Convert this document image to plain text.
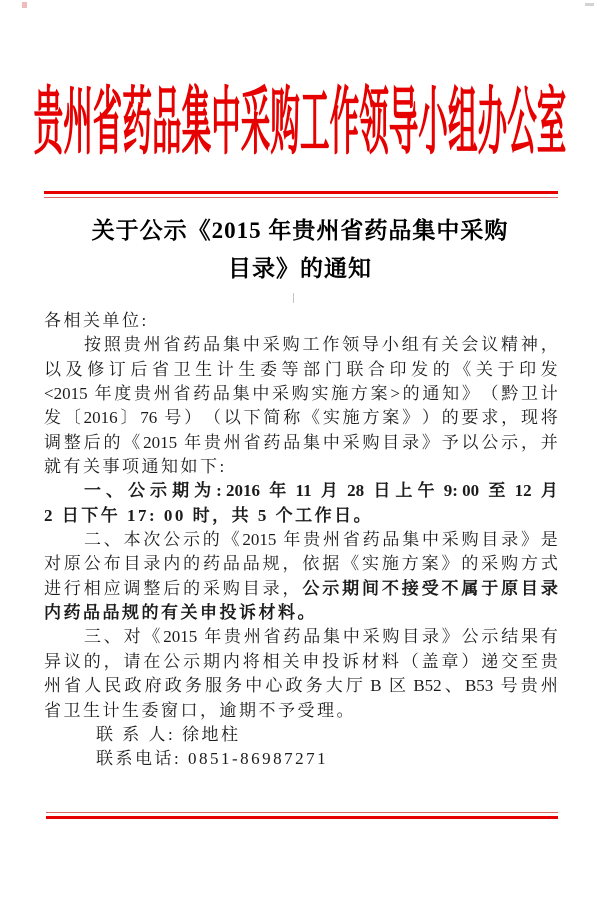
贵州省药品集中采购工作领导小组办公室
关于公示《2015 年贵州省药品集中采购
目录》的通知
各相关单位:
按 照 贵 州 省 药 品 集 中 采 购 工 作 领 导 小 组 有 关 会 议 精 神 ，
以 及 修 订 后 省 卫 生 计 生 委 等 部 门 联 合 印 发 的 《 关 于 印 发
<2015 年 度 贵 州 省 药 品 集 中 采 购 实 施 方 案 > 的 通 知 》 （ 黔 卫 计
发 〔 2016 〕 76 号 ） （ 以 下 简 称 《 实 施 方 案 》 ） 的 要 求 ， 现 将
调 整 后 的 《 2015 年 贵 州 省 药 品 集 中 采 购 目 录 》 予 以 公 示 ， 并
就有关事项通知如下:
一 、 公 示 期 为 : 2016 年 11 月 28 日 上 午 9: 00 至 12 月
2 日下午 17: 00 时，共 5 个工作日。
二 、 本 次 公 示 的 《 2015 年 贵 州 省 药 品 集 中 采 购 目 录 》 是
对 原 公 布 目 录 内 的 药 品 品 规 ， 依 据 《 实 施 方 案 》 的 采 购 方 式
进 行 相 应 调 整 后 的 采 购 目 录 ， 公 示 期 间 不 接 受 不 属 于 原 目 录
内药品品规的有关申投诉材料。
三 、 对 《 2015 年 贵 州 省 药 品 集 中 采 购 目 录 》 公 示 结 果 有
异 议 的 ， 请 在 公 示 期 内 将 相 关 申 投 诉 材 料 （ 盖 章 ） 递 交 至 贵
州 省 人 民 政 府 政 务 服 务 中 心 政 务 大 厅 B 区 B52 、 B53 号 贵 州
省卫生计生委窗口，逾期不予受理。
联 系 人: 徐地柱
联系电话: 0851-86987271
